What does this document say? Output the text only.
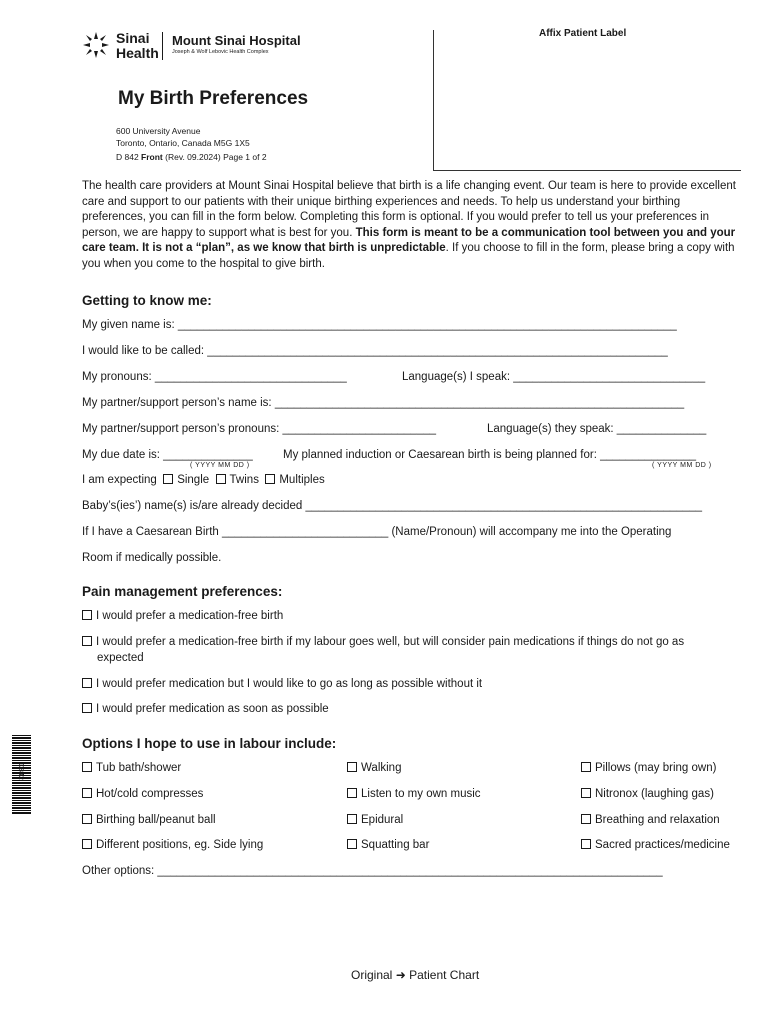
Sinai
Health
Mount Sinai Hospital
Joseph & Wolf Lebovic Health Complex
Affix Patient Label
My Birth Preferences
600 University Avenue
Toronto, Ontario, Canada M5G 1X5
D 842 Front (Rev. 09.2024) Page 1 of 2
The health care providers at Mount Sinai Hospital believe that birth is a life changing event. Our team is here to provide excellent care and support to our patients with their unique birthing experiences and needs. To help us understand your birthing preferences, you can fill in the form below. Completing this form is optional. If you would prefer to tell us your preferences in person, we are happy to support what is best for you. This form is meant to be a communication tool between you and your care team. It is not a “plan”, as we know that birth is unpredictable. If you choose to fill in the form, please bring a copy with you when you come to the hospital to give birth.
Getting to know me:
My given name is: ______________________________________________________________________________
I would like to be called: ________________________________________________________________________
My pronouns: ______________________________	Language(s) I speak: ______________________________
My partner/support person’s name is: ________________________________________________________________
My partner/support person’s pronouns: ________________________	Language(s) they speak: ______________
My due date is: ______________
( YYYY MM DD )
My planned induction or Caesarean birth is being planned for: _______________
( YYYY MM DD )
I am expecting Single Twins Multiples
Baby’s(ies’) name(s) is/are already decided ______________________________________________________________
If I have a Caesarean Birth __________________________ (Name/Pronoun) will accompany me into the Operating
Room if medically possible.
Pain management preferences:
I would prefer a medication-free birth
I would prefer a medication-free birth if my labour goes well, but will consider pain medications if things do not go as
expected
I would prefer medication but I would like to go as long as possible without it
I would prefer medication as soon as possible
Options I hope to use in labour include:
Tub bath/shower
Hot/cold compresses
Birthing ball/peanut ball
Different positions, eg. Side lying
Walking
Listen to my own music
Epidural
Squatting bar
Pillows (may bring own)
Nitronox (laughing gas)
Breathing and relaxation
Sacred practices/medicine
Other options: _______________________________________________________________________________
D842
Original ➜ Patient Chart
